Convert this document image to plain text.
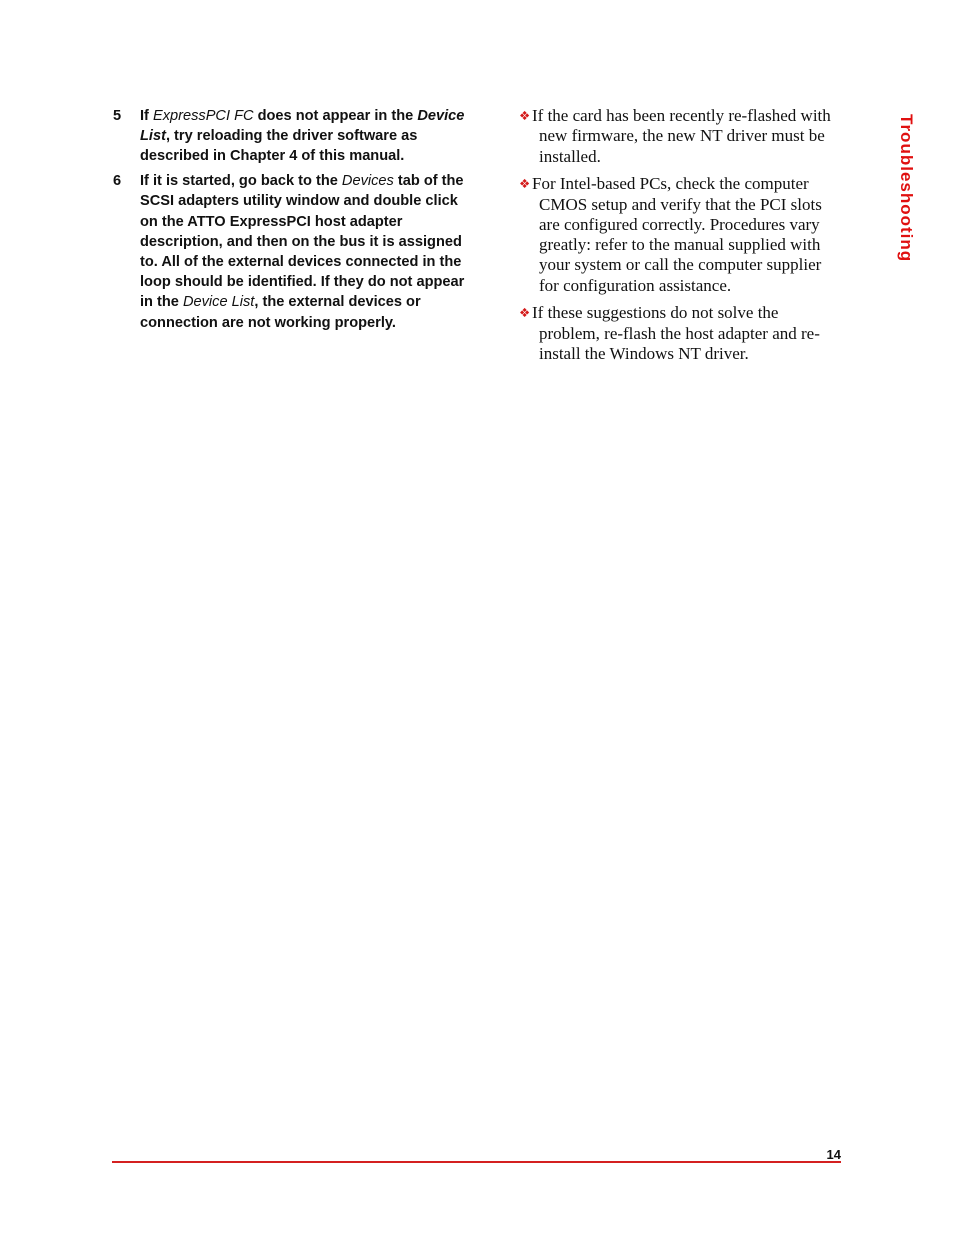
5 If ExpressPCI FC does not appear in the Device List, try reloading the driver software as described in Chapter 4 of this manual.
6 If it is started, go back to the Devices tab of the SCSI adapters utility window and double click on the ATTO ExpressPCI host adapter description, and then on the bus it is assigned to. All of the external devices connected in the loop should be identified. If they do not appear in the Device List, the external devices or connection are not working properly.
❖ If the card has been recently re-flashed with new firmware, the new NT driver must be installed.
❖ For Intel-based PCs, check the computer CMOS setup and verify that the PCI slots are configured correctly. Procedures vary greatly: refer to the manual supplied with your system or call the computer supplier for configuration assistance.
❖ If these suggestions do not solve the problem, re-flash the host adapter and re-install the Windows NT driver.
Troubleshooting
14
